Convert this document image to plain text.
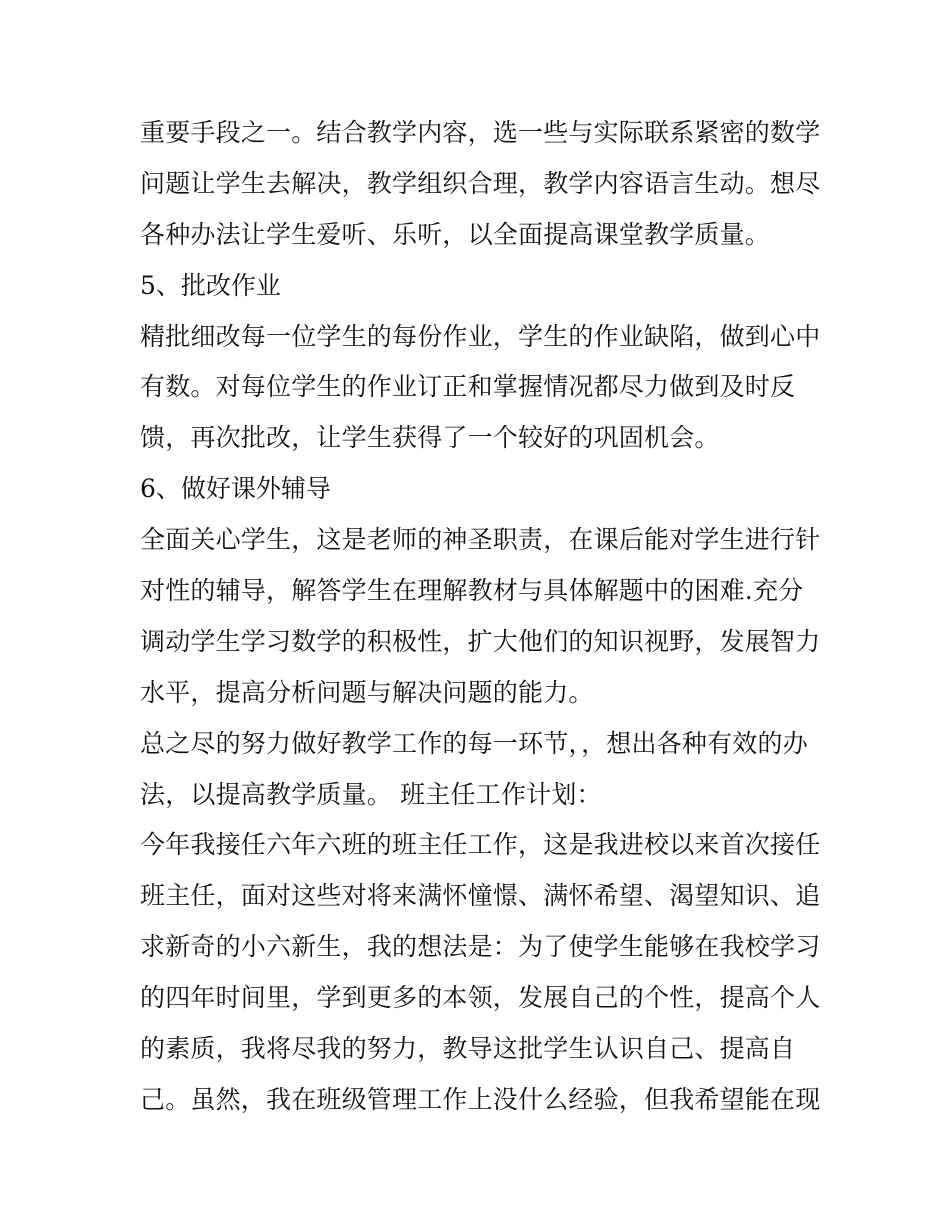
重要手段之一。结合教学内容，选一些与实际联系紧密的数学
问题让学生去解决，教学组织合理，教学内容语言生动。想尽
各种办法让学生爱听、乐听，以全面提高课堂教学质量。
5、批改作业
精批细改每一位学生的每份作业，学生的作业缺陷，做到心中
有数。对每位学生的作业订正和掌握情况都尽力做到及时反
馈，再次批改，让学生获得了一个较好的巩固机会。
6、做好课外辅导
全面关心学生，这是老师的神圣职责，在课后能对学生进行针
对性的辅导，解答学生在理解教材与具体解题中的困难.充分
调动学生学习数学的积极性，扩大他们的知识视野，发展智力
水平，提高分析问题与解决问题的能力。
总之尽的努力做好教学工作的每一环节，，想出各种有效的办
法，以提高教学质量。 班主任工作计划：
今年我接任六年六班的班主任工作，这是我进校以来首次接任
班主任，面对这些对将来满怀憧憬、满怀希望、渴望知识、追
求新奇的小六新生，我的想法是：为了使学生能够在我校学习
的四年时间里，学到更多的本领，发展自己的个性，提高个人
的素质，我将尽我的努力，教导这批学生认识自己、提高自
己。虽然，我在班级管理工作上没什么经验，但我希望能在现
